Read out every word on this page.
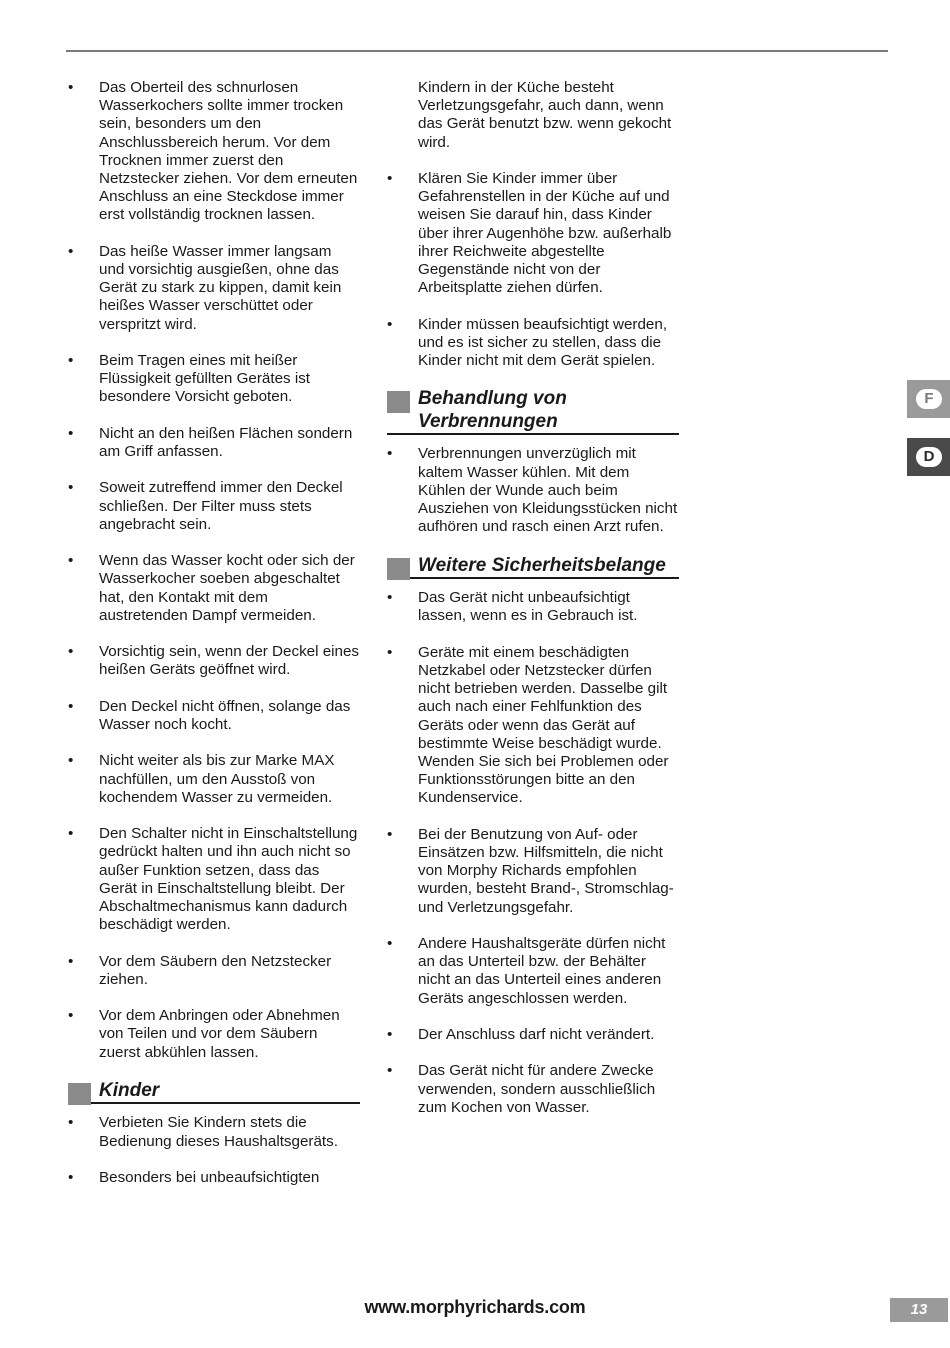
•	Das Oberteil des schnurlosen Wasserkochers sollte immer trocken sein, besonders um den Anschlussbereich herum. Vor dem Trocknen immer zuerst den Netzstecker ziehen. Vor dem erneuten Anschluss an eine Steckdose immer erst vollständig trocknen lassen.
•	Das heiße Wasser immer langsam und vorsichtig ausgießen, ohne das Gerät zu stark zu kippen, damit kein heißes Wasser verschüttet oder verspritzt wird.
•	Beim Tragen eines mit heißer Flüssigkeit gefüllten Gerätes ist besondere Vorsicht geboten.
•	Nicht an den heißen Flächen sondern am Griff anfassen.
•	Soweit zutreffend immer den Deckel schließen. Der Filter muss stets angebracht sein.
•	Wenn das Wasser kocht oder sich der Wasserkocher soeben abgeschaltet hat, den Kontakt mit dem austretenden Dampf vermeiden.
•	Vorsichtig sein, wenn der Deckel eines heißen Geräts geöffnet wird.
•	Den Deckel nicht öffnen, solange das Wasser noch kocht.
•	Nicht weiter als bis zur Marke MAX nachfüllen, um den Ausstoß von kochendem Wasser zu vermeiden.
•	Den Schalter nicht in Einschaltstellung gedrückt halten und ihn auch nicht so außer Funktion setzen, dass das Gerät in Einschaltstellung bleibt. Der Abschaltmechanismus kann dadurch beschädigt werden.
•	Vor dem Säubern den Netzstecker ziehen.
•	Vor dem Anbringen oder Abnehmen von Teilen und vor dem Säubern zuerst abkühlen lassen.
Kinder
•	Verbieten Sie Kindern stets die Bedienung dieses Haushaltsgeräts.
•	Besonders bei unbeaufsichtigten
Kindern in der Küche besteht Verletzungsgefahr, auch dann, wenn das Gerät benutzt bzw. wenn gekocht wird.
•	Klären Sie Kinder immer über Gefahrenstellen in der Küche auf und weisen Sie darauf hin, dass Kinder über ihrer Augenhöhe bzw. außerhalb ihrer Reichweite abgestellte Gegenstände nicht von der Arbeitsplatte ziehen dürfen.
•	Kinder müssen beaufsichtigt werden, und es ist sicher zu stellen, dass die Kinder nicht mit dem Gerät spielen.
Behandlung von Verbrennungen
•	Verbrennungen unverzüglich mit kaltem Wasser kühlen. Mit dem Kühlen der Wunde auch beim Ausziehen von Kleidungsstücken nicht aufhören und rasch einen Arzt rufen.
Weitere Sicherheitsbelange
•	Das Gerät nicht unbeaufsichtigt lassen, wenn es in Gebrauch ist.
•	Geräte mit einem beschädigten Netzkabel oder Netzstecker dürfen nicht betrieben werden. Dasselbe gilt auch nach einer Fehlfunktion des Geräts oder wenn das Gerät auf bestimmte Weise beschädigt wurde. Wenden Sie sich bei Problemen oder Funktionsstörungen bitte an den Kundenservice.
•	Bei der Benutzung von Auf- oder Einsätzen bzw. Hilfsmitteln, die nicht von Morphy Richards empfohlen wurden, besteht Brand-, Stromschlag- und Verletzungsgefahr.
•	Andere Haushaltsgeräte dürfen nicht an das Unterteil bzw. der Behälter nicht an das Unterteil eines anderen Geräts angeschlossen werden.
•	Der Anschluss darf nicht verändert.
•	Das Gerät nicht für andere Zwecke verwenden, sondern ausschließlich zum Kochen von Wasser.
F
D
www.morphyrichards.com	13
